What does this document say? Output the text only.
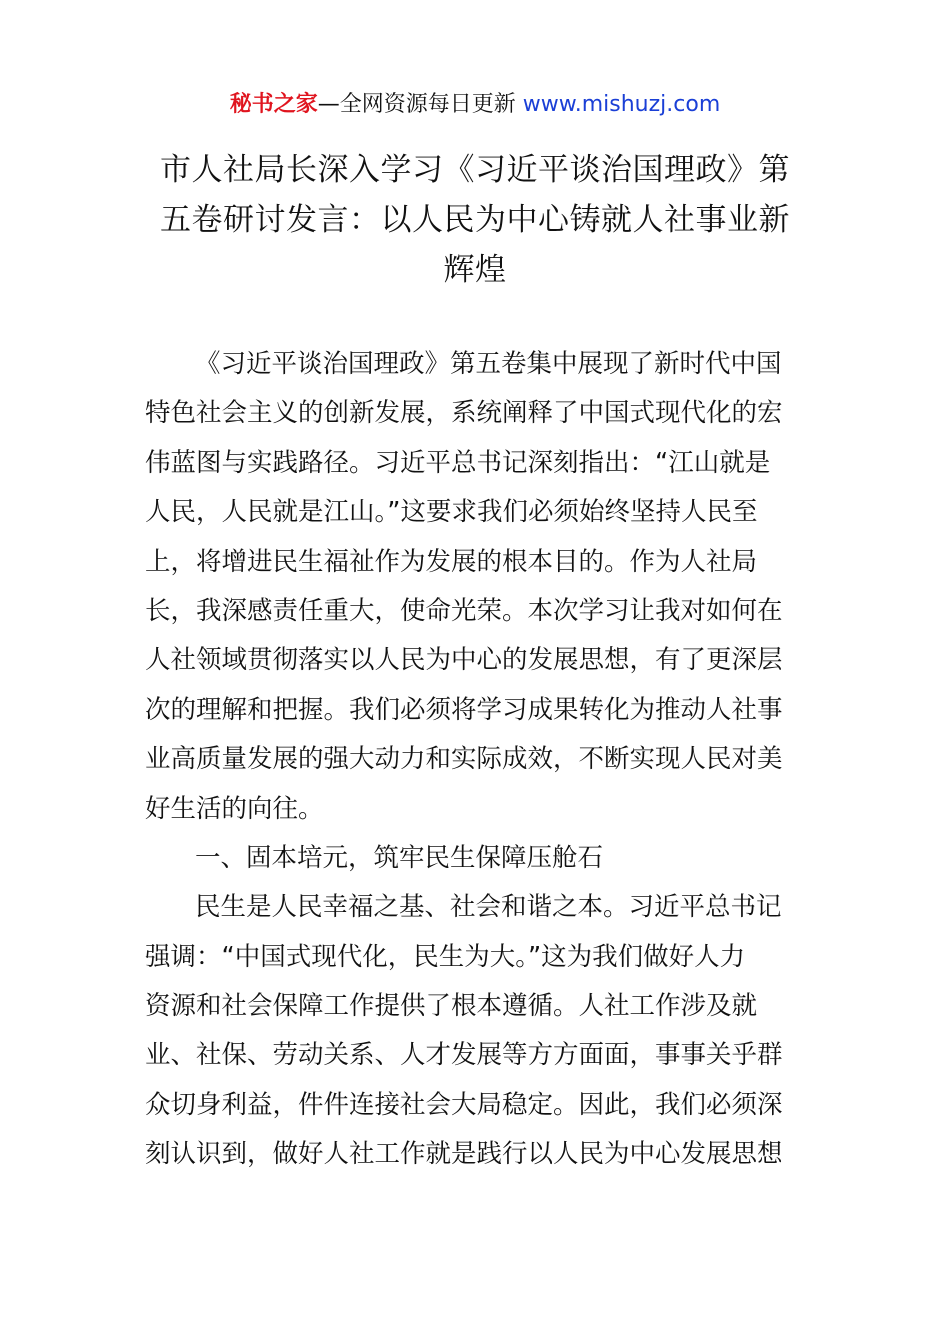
秘书之家—全网资源每日更新 www.mishuzj.com
市人社局长深入学习《习近平谈治国理政》第
五卷研讨发言：以人民为中心铸就人社事业新
辉煌
《习近平谈治国理政》第五卷集中展现了新时代中国
特色社会主义的创新发展，系统阐释了中国式现代化的宏
伟蓝图与实践路径。习近平总书记深刻指出：“江山就是
人民，人民就是江山。”这要求我们必须始终坚持人民至
上，将增进民生福祉作为发展的根本目的。作为人社局
长，我深感责任重大，使命光荣。本次学习让我对如何在
人社领域贯彻落实以人民为中心的发展思想，有了更深层
次的理解和把握。我们必须将学习成果转化为推动人社事
业高质量发展的强大动力和实际成效，不断实现人民对美
好生活的向往。
一、固本培元，筑牢民生保障压舱石
民生是人民幸福之基、社会和谐之本。习近平总书记
强调：“中国式现代化，民生为大。”这为我们做好人力
资源和社会保障工作提供了根本遵循。人社工作涉及就
业、社保、劳动关系、人才发展等方方面面，事事关乎群
众切身利益，件件连接社会大局稳定。因此，我们必须深
刻认识到，做好人社工作就是践行以人民为中心发展思想
